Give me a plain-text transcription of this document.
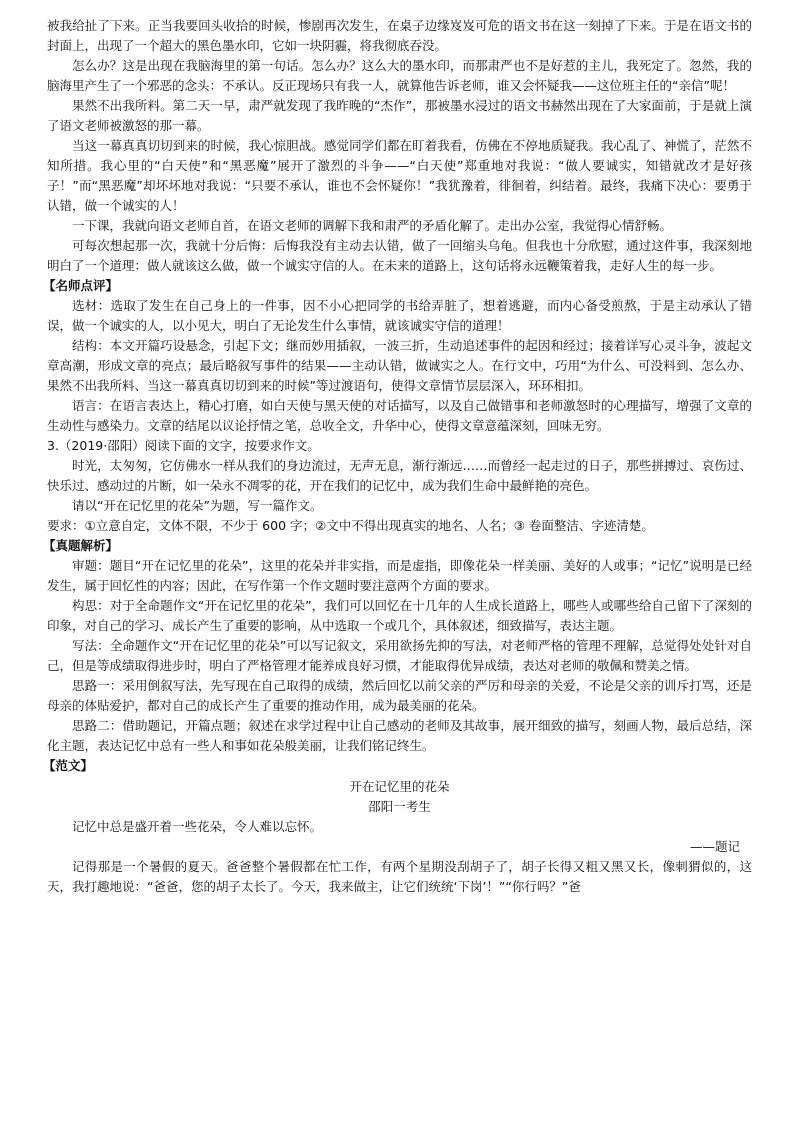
被我给扯了下来。正当我要回头收拾的时候，惨剧再次发生，在桌子边缘岌岌可危的语文书在这一刻掉了下来。于是在语文书的封面上，出现了一个超大的黑色墨水印，它如一块阴霾，将我彻底吞没。

怎么办？这是出现在我脑海里的第一句话。怎么办？这么大的墨水印，而那肃严也不是好惹的主儿，我死定了。忽然，我的脑海里产生了一个邪恶的念头：不承认。反正现场只有我一人，就算他告诉老师，谁又会怀疑我——这位班主任的“亲信”呢！

果然不出我所料。第二天一早，肃严就发现了我昨晚的“杰作”，那被墨水浸过的语文书赫然出现在了大家面前，于是就上演了语文老师被激怒的那一幕。

当这一幕真真切切到来的时候，我心惊胆战。感觉同学们都在盯着我看，仿佛在不停地质疑我。我心乱了、神慌了，茫然不知所措。我心里的“白天使”和“黑恶魔”展开了激烈的斗争——“白天使”郑重地对我说：“做人要诚实，知错就改才是好孩子！”而“黑恶魔”却坏坏地对我说：“只要不承认，谁也不会怀疑你！”我犹豫着，徘徊着，纠结着。最终，我痛下决心：要勇于认错，做一个诚实的人！

一下课，我就向语文老师自首，在语文老师的调解下我和肃严的矛盾化解了。走出办公室，我觉得心情舒畅。

可每次想起那一次，我就十分后悔：后悔我没有主动去认错，做了一回缩头乌龟。但我也十分欣慰，通过这件事，我深刻地明白了一个道理：做人就该这么做，做一个诚实守信的人。在未来的道路上，这句话将永远鞭策着我，走好人生的每一步。

【名师点评】

选材：选取了发生在自己身上的一件事，因不小心把同学的书给弄脏了，想着逃避，而内心备受煎熬，于是主动承认了错误，做一个诚实的人，以小见大，明白了无论发生什么事情，就该诚实守信的道理！

结构：本文开篇巧设悬念，引起下文；继而妙用插叙，一波三折，生动追述事件的起因和经过；接着详写心灵斗争，波起文章高潮，形成文章的亮点；最后略叙写事件的结果——主动认错，做诚实之人。在行文中，巧用“为什么、可没料到、怎么办、果然不出我所料、当这一幕真真切切到来的时候”等过渡语句，使得文章情节层层深入，环环相扣。

语言：在语言表达上，精心打磨，如白天使与黑天使的对话描写，以及自己做错事和老师激怒时的心理描写，增强了文章的生动性与感染力。文章的结尾以议论抒情之笔，总收全文，升华中心，使得文章意蕴深刻，回味无穷。

3.（2019·邵阳）阅读下面的文字，按要求作文。

时光，太匆匆，它仿佛水一样从我们的身边流过，无声无息，渐行渐远……而曾经一起走过的日子，那些拼搏过、哀伤过、快乐过、感动过的片断，如一朵永不凋零的花，开在我们的记忆中，成为我们生命中最鲜艳的亮色。

请以“开在记忆里的花朵”为题，写一篇作文。

要求：①立意自定，文体不限，不少于 600 字；②文中不得出现真实的地名、人名；③ 卷面整洁、字迹清楚。

【真题解析】

审题：题目“开在记忆里的花朵”，这里的花朵并非实指，而是虚指，即像花朵一样美丽、美好的人或事；“记忆”说明是已经发生，属于回忆性的内容；因此，在写作第一个作文题时要注意两个方面的要求。

构思：对于全命题作文“开在记忆里的花朵”，我们可以回忆在十几年的人生成长道路上，哪些人或哪些给自己留下了深刻的印象，对自己的学习、成长产生了重要的影响，从中选取一个或几个，具体叙述，细致描写，表达主题。

写法：全命题作文“开在记忆里的花朵”可以写记叙文，采用欲扬先抑的写法，对老师严格的管理不理解，总觉得处处针对自己，但是等成绩取得进步时，明白了严格管理才能养成良好习惯，才能取得优异成绩，表达对老师的敬佩和赞美之情。

思路一：采用倒叙写法，先写现在自己取得的成绩，然后回忆以前父亲的严厉和母亲的关爱，不论是父亲的训斥打骂，还是母亲的体贴爱护，都对自己的成长产生了重要的推动作用，成为最美丽的花朵。

思路二：借助题记，开篇点题；叙述在求学过程中让自己感动的老师及其故事，展开细致的描写，刻画人物，最后总结，深化主题，表达记忆中总有一些人和事如花朵般美丽，让我们铭记终生。

【范文】

开在记忆里的花朵

邵阳一考生

记忆中总是盛开着一些花朵，令人难以忘怀。

——题记

记得那是一个暑假的夏天。爸爸整个暑假都在忙工作，有两个星期没刮胡子了，胡子长得又粗又黑又长，像刺猬似的，这天，我打趣地说：“爸爸，您的胡子太长了。今天，我来做主，让它们统统‘下岗’！”“你行吗？”爸
